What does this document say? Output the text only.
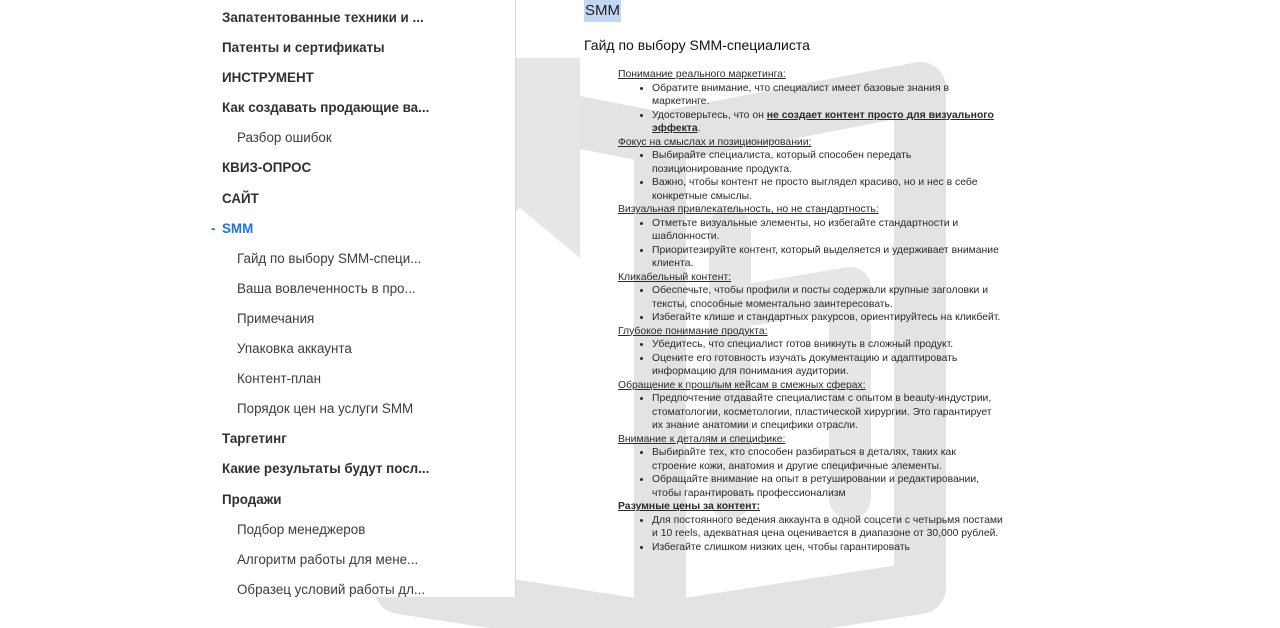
Запатентованные техники и ...
Патенты и сертификаты
ИНСТРУМЕНТ
Как создавать продающие ва...
Разбор ошибок
КВИЗ-ОПРОС
САЙТ
- SMM
Гайд по выбору SMM-специ...
Ваша вовлеченность в про...
Примечания
Упаковка аккаунта
Контент-план
Порядок цен на услуги SMM
Таргетинг
Какие результаты будут посл...
Продажи
Подбор менеджеров
Алгоритм работы для мене...
Образец условий работы дл...
SMM
Гайд по выбору SMM-специалиста
Понимание реального маркетинга:
• Обратите внимание, что специалист имеет базовые знания в маркетинге.
• Удостоверьтесь, что он не создает контент просто для визуального эффекта.
Фокус на смыслах и позиционировании:
• Выбирайте специалиста, который способен передать позиционирование продукта.
• Важно, чтобы контент не просто выглядел красиво, но и нес в себе конкретные смыслы.
Визуальная привлекательность, но не стандартность:
• Отметьте визуальные элементы, но избегайте стандартности и шаблонности.
• Приоритезируйте контент, который выделяется и удерживает внимание клиента.
Кликабельный контент:
• Обеспечьте, чтобы профили и посты содержали крупные заголовки и тексты, способные моментально заинтересовать.
• Избегайте клише и стандартных ракурсов, ориентируйтесь на кликбейт.
Глубокое понимание продукта:
• Убедитесь, что специалист готов вникнуть в сложный продукт.
• Оцените его готовность изучать документацию и адаптировать информацию для понимания аудитории.
Обращение к прошлым кейсам в смежных сферах:
• Предпочтение отдавайте специалистам с опытом в beauty-индустрии, стоматологии, косметологии, пластической хирургии. Это гарантирует их знание анатомии и специфики отрасли.
Внимание к деталям и специфике:
• Выбирайте тех, кто способен разбираться в деталях, таких как строение кожи, анатомия и другие специфичные элементы.
• Обращайте внимание на опыт в ретушировании и редактировании, чтобы гарантировать профессионализм
Разумные цены за контент:
• Для постоянного ведения аккаунта в одной соцсети с четырьмя постами и 10 reels, адекватная цена оценивается в диапазоне от 30,000 рублей.
• Избегайте слишком низких цен, чтобы гарантировать
